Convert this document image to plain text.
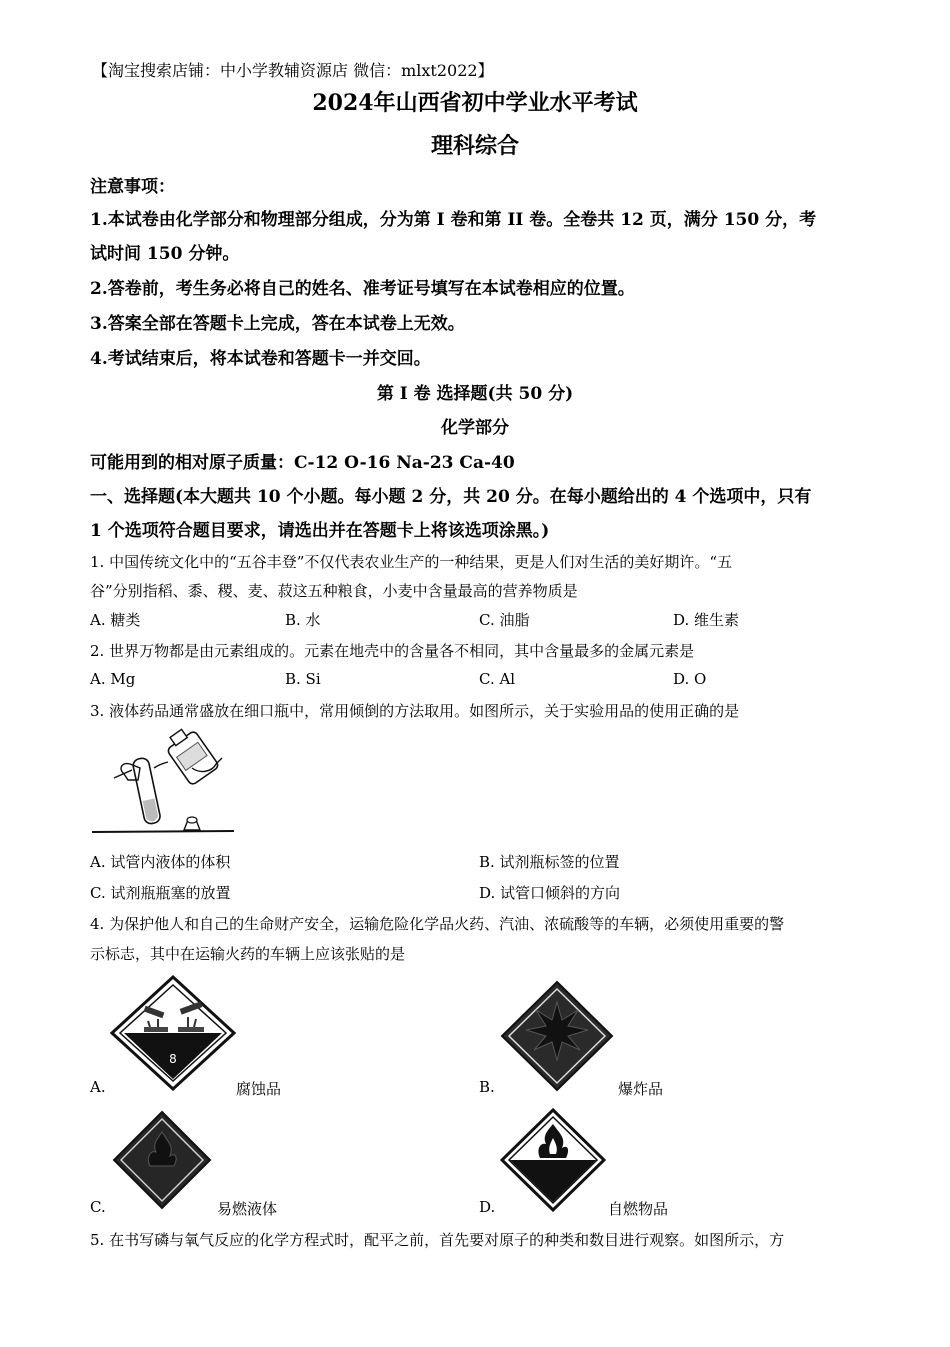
【淘宝搜索店铺：中小学教辅资源店 微信：mlxt2022】
2024年山西省初中学业水平考试
理科综合
注意事项：
1.本试卷由化学部分和物理部分组成，分为第 I 卷和第 II 卷。全卷共 12 页，满分 150 分，考
试时间 150 分钟。
2.答卷前，考生务必将自己的姓名、准考证号填写在本试卷相应的位置。
3.答案全部在答题卡上完成，答在本试卷上无效。
4.考试结束后，将本试卷和答题卡一并交回。
第 I 卷 选择题(共 50 分)
化学部分
可能用到的相对原子质量：C-12 O-16 Na-23 Ca-40
一、选择题(本大题共 10 个小题。每小题 2 分，共 20 分。在每小题给出的 4 个选项中，只有
1 个选项符合题目要求，请选出并在答题卡上将该选项涂黑。)
1. 中国传统文化中的“五谷丰登”不仅代表农业生产的一种结果，更是人们对生活的美好期许。“五
谷”分别指稻、黍、稷、麦、菽这五种粮食，小麦中含量最高的营养物质是
A. 糖类	B. 水	C. 油脂	D. 维生素
2. 世界万物都是由元素组成的。元素在地壳中的含量各不相同，其中含量最多的金属元素是
A. Mg	B. Si	C. Al	D. O
3. 液体药品通常盛放在细口瓶中，常用倾倒的方法取用。如图所示，关于实验用品的使用正确的是
A. 试管内液体的体积	B. 试剂瓶标签的位置
C. 试剂瓶瓶塞的放置	D. 试管口倾斜的方向
4. 为保护他人和自己的生命财产安全，运输危险化学品火药、汽油、浓硫酸等的车辆，必须使用重要的警
示标志，其中在运输火药的车辆上应该张贴的是
8
A.	腐蚀品	B.	爆炸品
C.	易燃液体	D.	自燃物品
5. 在书写磷与氧气反应的化学方程式时，配平之前，首先要对原子的种类和数目进行观察。如图所示，方
